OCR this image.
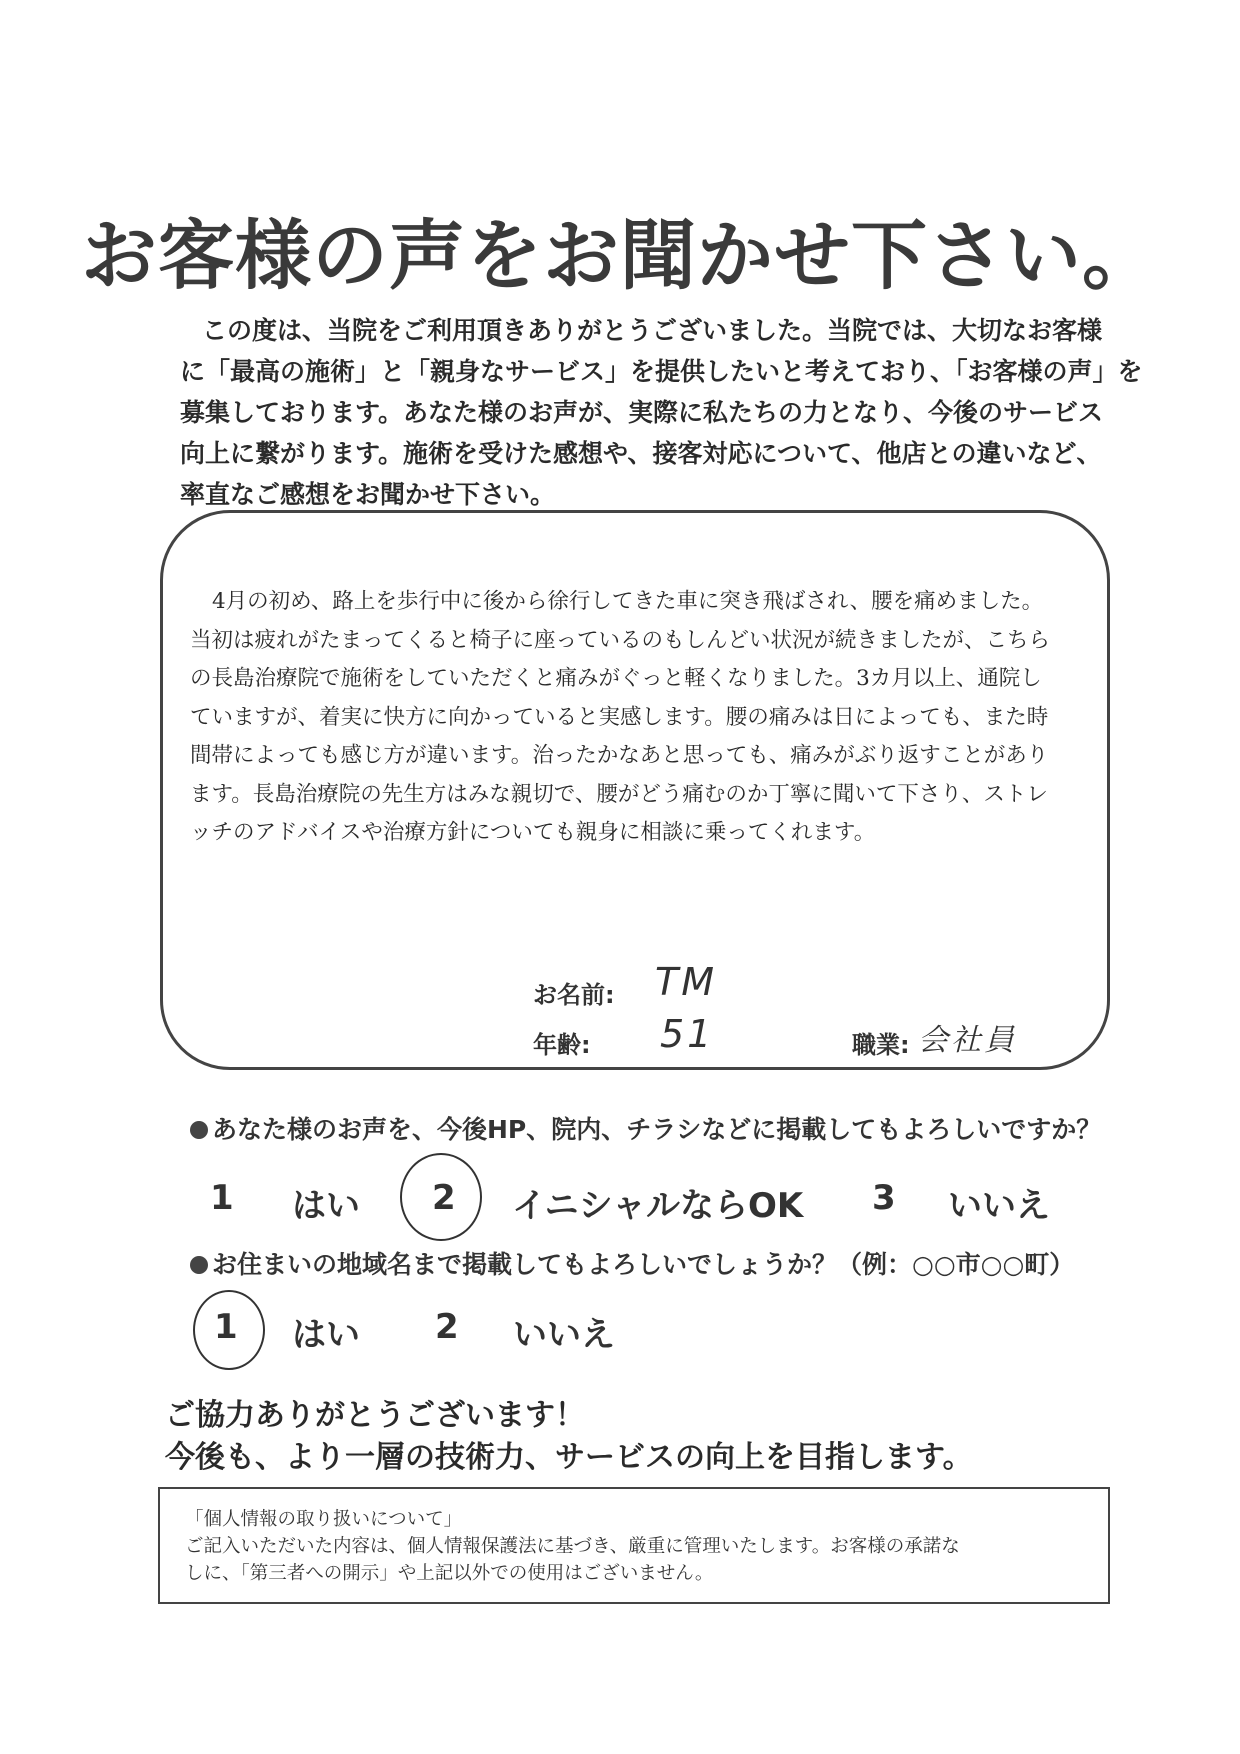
お客様の声をお聞かせ下さい。

この度は、当院をご利用頂きありがとうございました。当院では、大切なお客様

に「最高の施術」と「親身なサービス」を提供したいと考えており、「お客様の声」を

募集しております。あなた様のお声が、実際に私たちの力となり、今後のサービス

向上に繋がります。施術を受けた感想や、接客対応について、他店との違いなど、

率直なご感想をお聞かせ下さい。

4月の初め、路上を歩行中に後から徐行してきた車に突き飛ばされ、腰を痛めました。

当初は疲れがたまってくると椅子に座っているのもしんどい状況が続きましたが、こちら

の長島治療院で施術をしていただくと痛みがぐっと軽くなりました。3カ月以上、通院し

ていますが、着実に快方に向かっていると実感します。腰の痛みは日によっても、また時

間帯によっても感じ方が違います。治ったかなあと思っても、痛みがぶり返すことがあり

ます。長島治療院の先生方はみな親切で、腰がどう痛むのか丁寧に聞いて下さり、ストレ

ッチのアドバイスや治療方針についても親身に相談に乗ってくれます。

お名前: TM
年齢: 51	職業: 会社員
あなた様のお声を、今後HP、院内、チラシなどに掲載してもよろしいですか？
1 はい 2 イニシャルならOK 3 いいえ
お住まいの地域名まで掲載してもよろしいでしょうか？（例：○○市○○町）
1 はい 2 いいえ
ご協力ありがとうございます！
今後も、より一層の技術力、サービスの向上を目指します。

「個人情報の取り扱いについて」

ご記入いただいた内容は、個人情報保護法に基づき、厳重に管理いたします。お客様の承諾な

しに、「第三者への開示」や上記以外での使用はございません。
